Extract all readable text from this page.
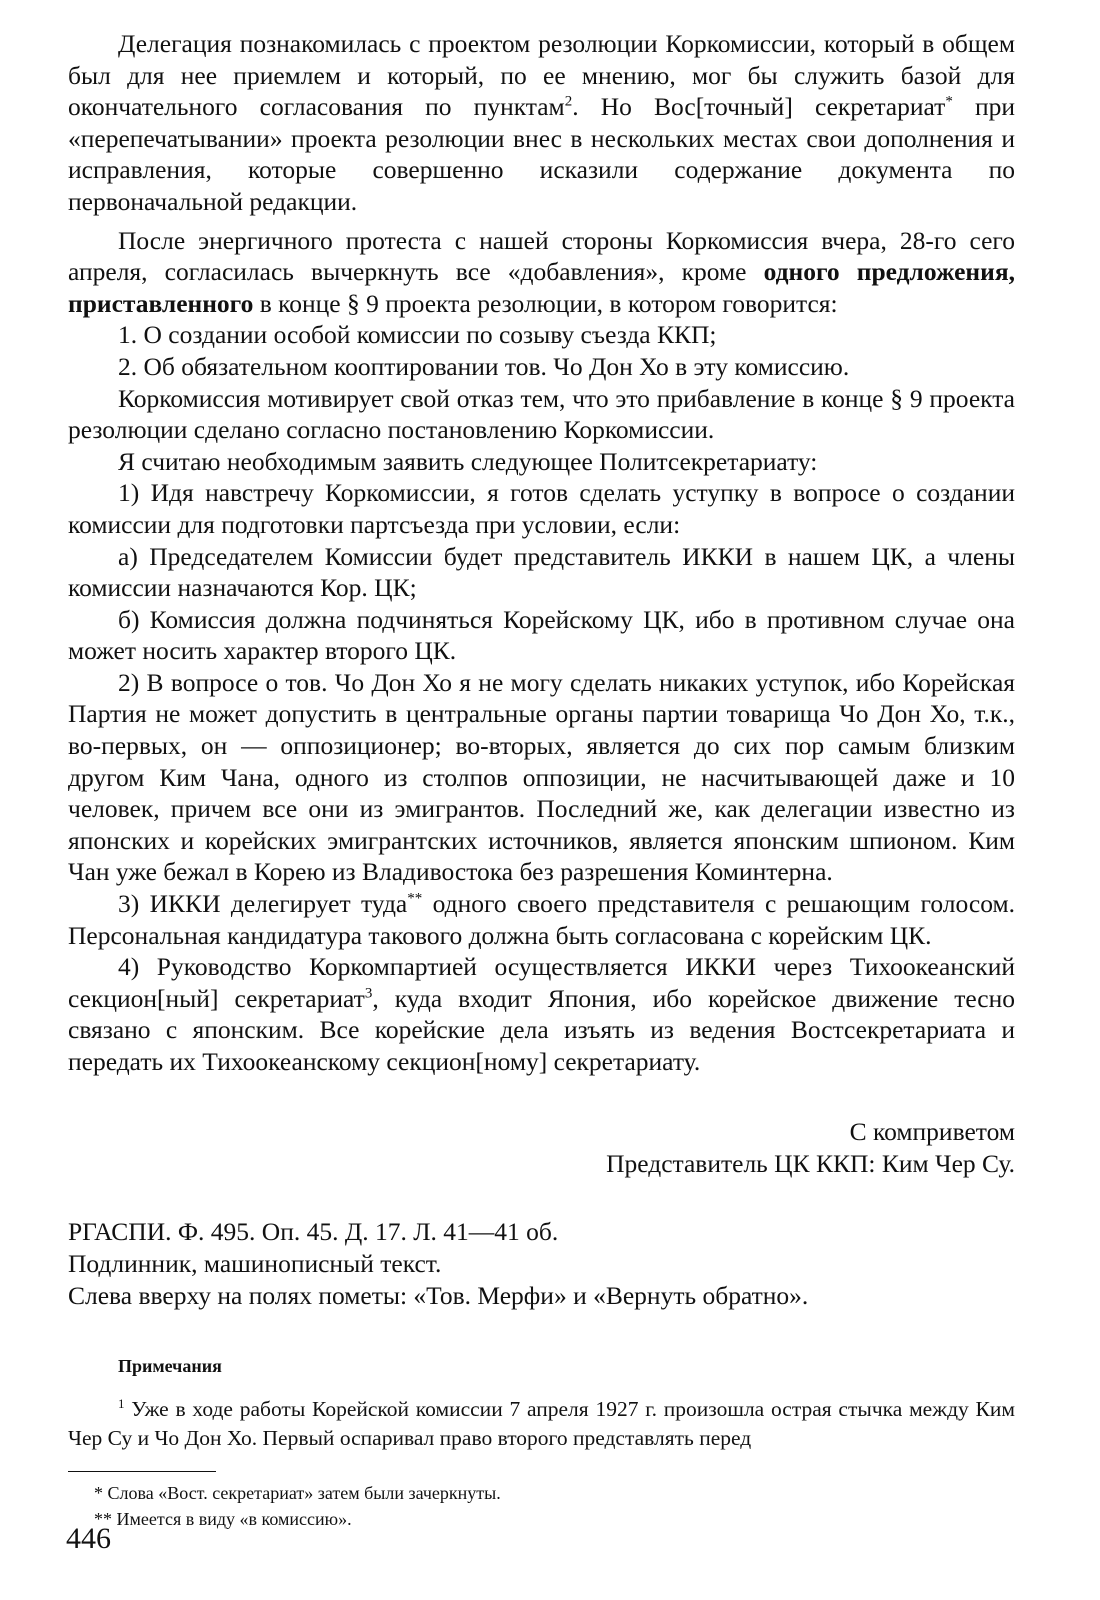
Делегация познакомилась с проектом резолюции Коркомиссии, который в общем был для нее приемлем и который, по ее мнению, мог бы служить базой для окончательного согласования по пунктам$^2$. Но Вос[точный] секретариат* при «перепечатывании» проекта резолюции внес в нескольких местах свои дополнения и исправления, которые совершенно исказили содержание документа по первоначальной редакции.

После энергичного протеста с нашей стороны Коркомиссия вчера, 28-го сего апреля, согласилась вычеркнуть все «добавления», кроме одного предложения, приставленного в конце § 9 проекта резолюции, в котором говорится:

1. О создании особой комиссии по созыву съезда ККП;

2. Об обязательном кооптировании тов. Чо Дон Хо в эту комиссию.

Коркомиссия мотивирует свой отказ тем, что это прибавление в конце § 9 проекта резолюции сделано согласно постановлению Коркомиссии.

Я считаю необходимым заявить следующее Политсекретариату:

1) Идя навстречу Коркомиссии, я готов сделать уступку в вопросе о создании комиссии для подготовки партсъезда при условии, если:

а) Председателем Комиссии будет представитель ИККИ в нашем ЦК, а члены комиссии назначаются Кор. ЦК;

б) Комиссия должна подчиняться Корейскому ЦК, ибо в противном случае она может носить характер второго ЦК.

2) В вопросе о тов. Чо Дон Хо я не могу сделать никаких уступок, ибо Корейская Партия не может допустить в центральные органы партии товарища Чо Дон Хо, т.к., во-первых, он — оппозиционер; во-вторых, является до сих пор самым близким другом Ким Чана, одного из столпов оппозиции, не насчитывающей даже и 10 человек, причем все они из эмигрантов. Последний же, как делегации известно из японских и корейских эмигрантских источников, является японским шпионом. Ким Чан уже бежал в Корею из Владивостока без разрешения Коминтерна.

3) ИККИ делегирует туда** одного своего представителя с решающим голосом. Персональная кандидатура такового должна быть согласована с корейским ЦК.

4) Руководство Коркомпартией осуществляется ИККИ через Тихоокеанский секцион[ный] секретариат$^3$, куда входит Япония, ибо корейское движение тесно связано с японским. Все корейские дела изъять из ведения Востсекретариата и передать их Тихоокеанскому секцион[ному] секретариату.

С комприветом
Представитель ЦК ККП: Ким Чер Су.
РГАСПИ. Ф. 495. Оп. 45. Д. 17. Л. 41—41 об.
Подлинник, машинописный текст.
Слева вверху на полях пометы: «Тов. Мерфи» и «Вернуть обратно».
Примечания

$^1$ Уже в ходе работы Корейской комиссии 7 апреля 1927 г. произошла острая стычка между Ким Чер Су и Чо Дон Хо. Первый оспаривал право второго представлять перед

* Слова «Вост. секретариат» затем были зачеркнуты.
** Имеется в виду «в комиссию».
446
